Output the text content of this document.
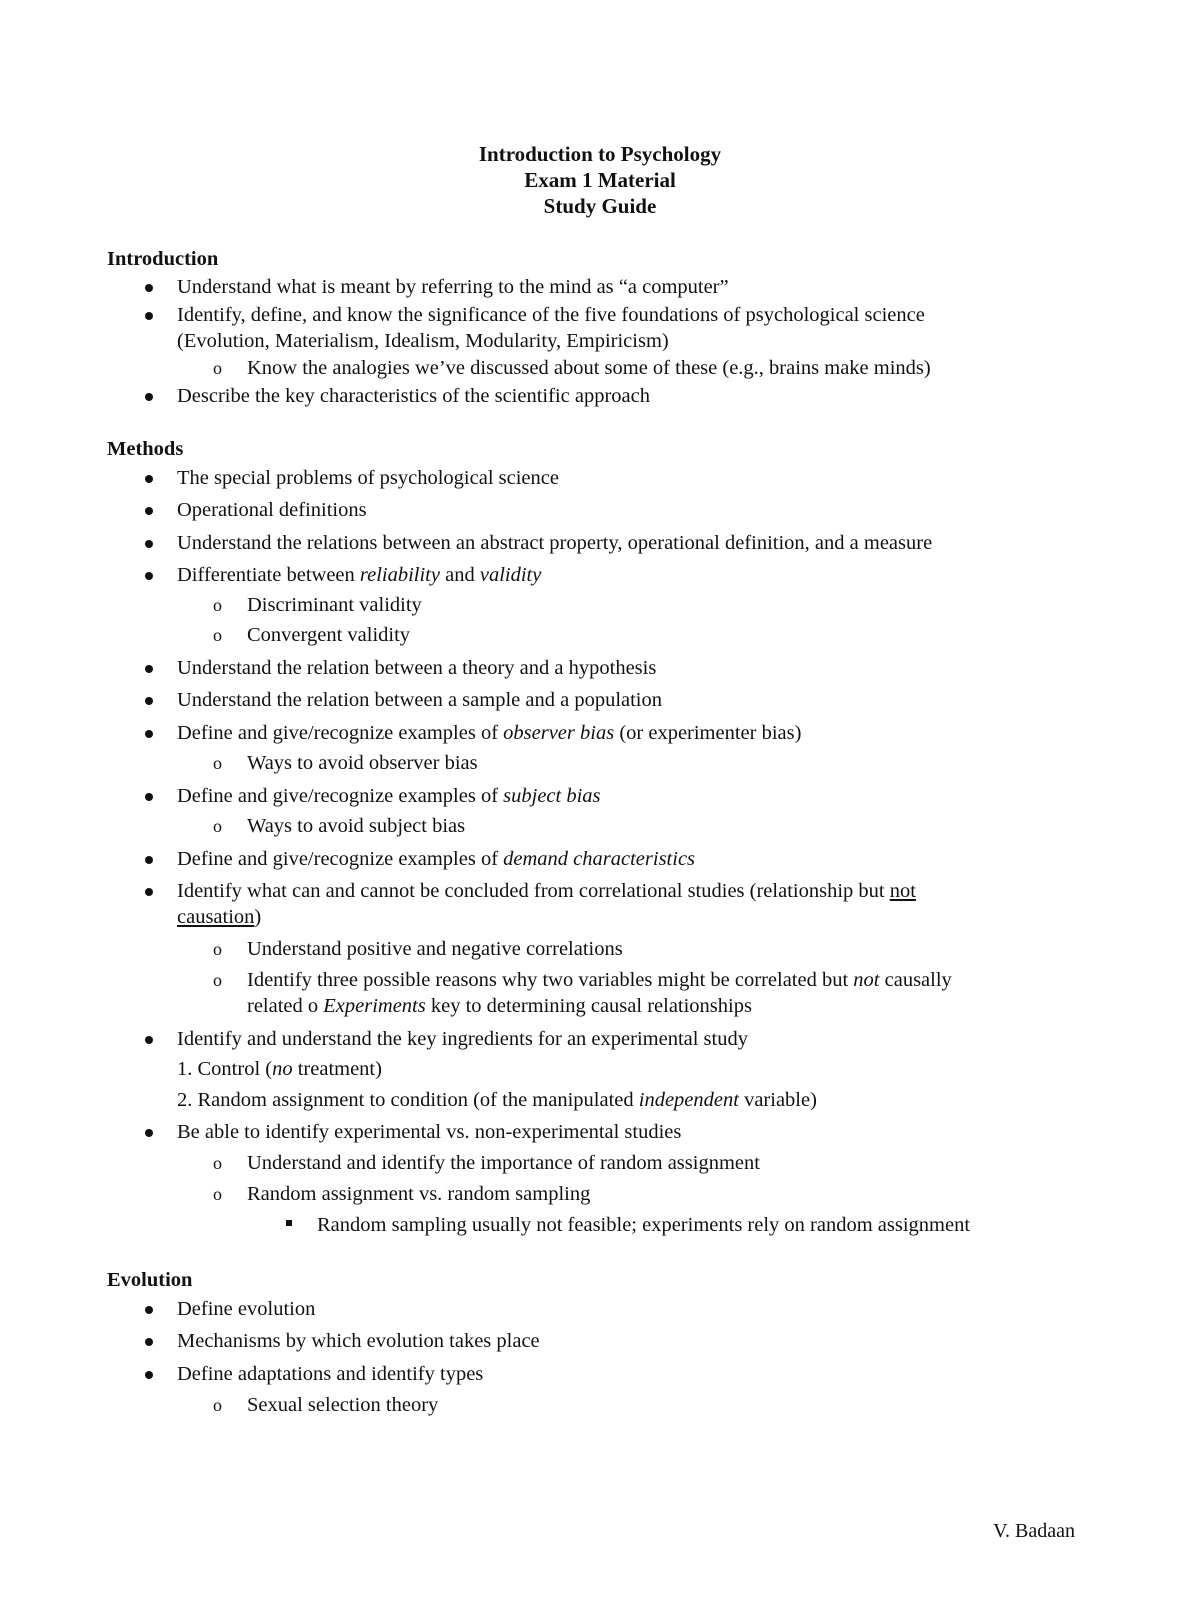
Introduction to Psychology
Exam 1 Material
Study Guide
Introduction
Understand what is meant by referring to the mind as “a computer”
Identify, define, and know the significance of the five foundations of psychological science
(Evolution, Materialism, Idealism, Modularity, Empiricism)
o Know the analogies we’ve discussed about some of these (e.g., brains make minds)
Describe the key characteristics of the scientific approach
Methods
The special problems of psychological science
Operational definitions
Understand the relations between an abstract property, operational definition, and a measure
Differentiate between reliability and validity
o Discriminant validity
o Convergent validity
Understand the relation between a theory and a hypothesis
Understand the relation between a sample and a population
Define and give/recognize examples of observer bias (or experimenter bias)
o Ways to avoid observer bias
Define and give/recognize examples of subject bias
o Ways to avoid subject bias
Define and give/recognize examples of demand characteristics
Identify what can and cannot be concluded from correlational studies (relationship but not
causation)
o Understand positive and negative correlations
o Identify three possible reasons why two variables might be correlated but not causally
related o Experiments key to determining causal relationships
Identify and understand the key ingredients for an experimental study
1. Control (no treatment)
2. Random assignment to condition (of the manipulated independent variable)
Be able to identify experimental vs. non-experimental studies
o Understand and identify the importance of random assignment
o Random assignment vs. random sampling
Random sampling usually not feasible; experiments rely on random assignment
Evolution
Define evolution
Mechanisms by which evolution takes place
Define adaptations and identify types
o Sexual selection theory
V. Badaan
